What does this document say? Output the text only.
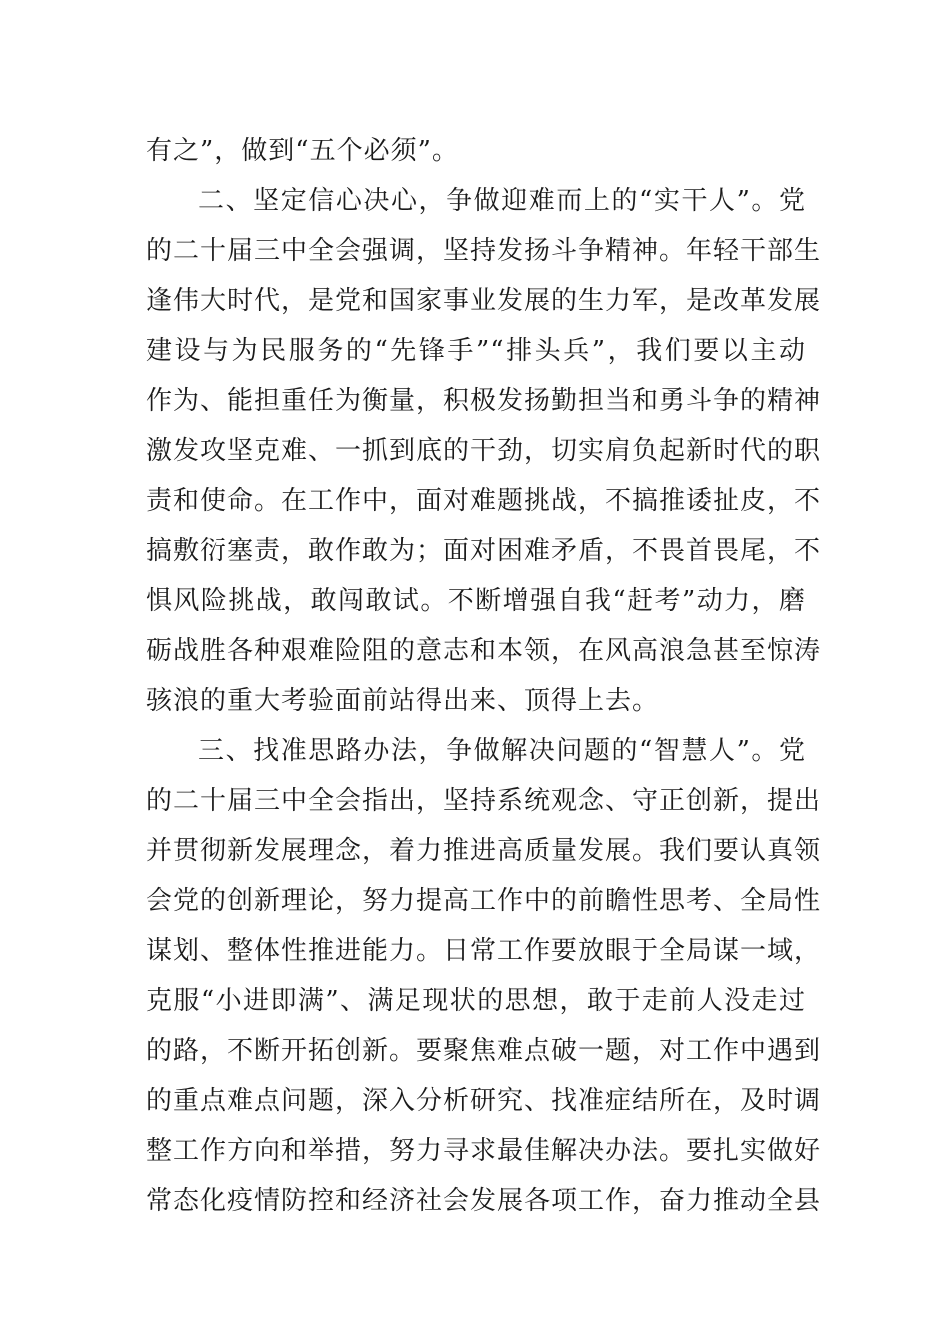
有之”，做到“五个必须”。
二、坚定信心决心，争做迎难而上的“实干人”。党
的二十届三中全会强调，坚持发扬斗争精神。年轻干部生
逢伟大时代，是党和国家事业发展的生力军，是改革发展
建设与为民服务的“先锋手”“排头兵”，我们要以主动
作为、能担重任为衡量，积极发扬勤担当和勇斗争的精神
激发攻坚克难、一抓到底的干劲，切实肩负起新时代的职
责和使命。在工作中，面对难题挑战，不搞推诿扯皮，不
搞敷衍塞责，敢作敢为；面对困难矛盾，不畏首畏尾，不
惧风险挑战，敢闯敢试。不断增强自我“赶考”动力，磨
砺战胜各种艰难险阻的意志和本领，在风高浪急甚至惊涛
骇浪的重大考验面前站得出来、顶得上去。
三、找准思路办法，争做解决问题的“智慧人”。党
的二十届三中全会指出，坚持系统观念、守正创新，提出
并贯彻新发展理念，着力推进高质量发展。我们要认真领
会党的创新理论，努力提高工作中的前瞻性思考、全局性
谋划、整体性推进能力。日常工作要放眼于全局谋一域，
克服“小进即满”、满足现状的思想，敢于走前人没走过
的路，不断开拓创新。要聚焦难点破一题，对工作中遇到
的重点难点问题，深入分析研究、找准症结所在，及时调
整工作方向和举措，努力寻求最佳解决办法。要扎实做好
常态化疫情防控和经济社会发展各项工作，奋力推动全县
